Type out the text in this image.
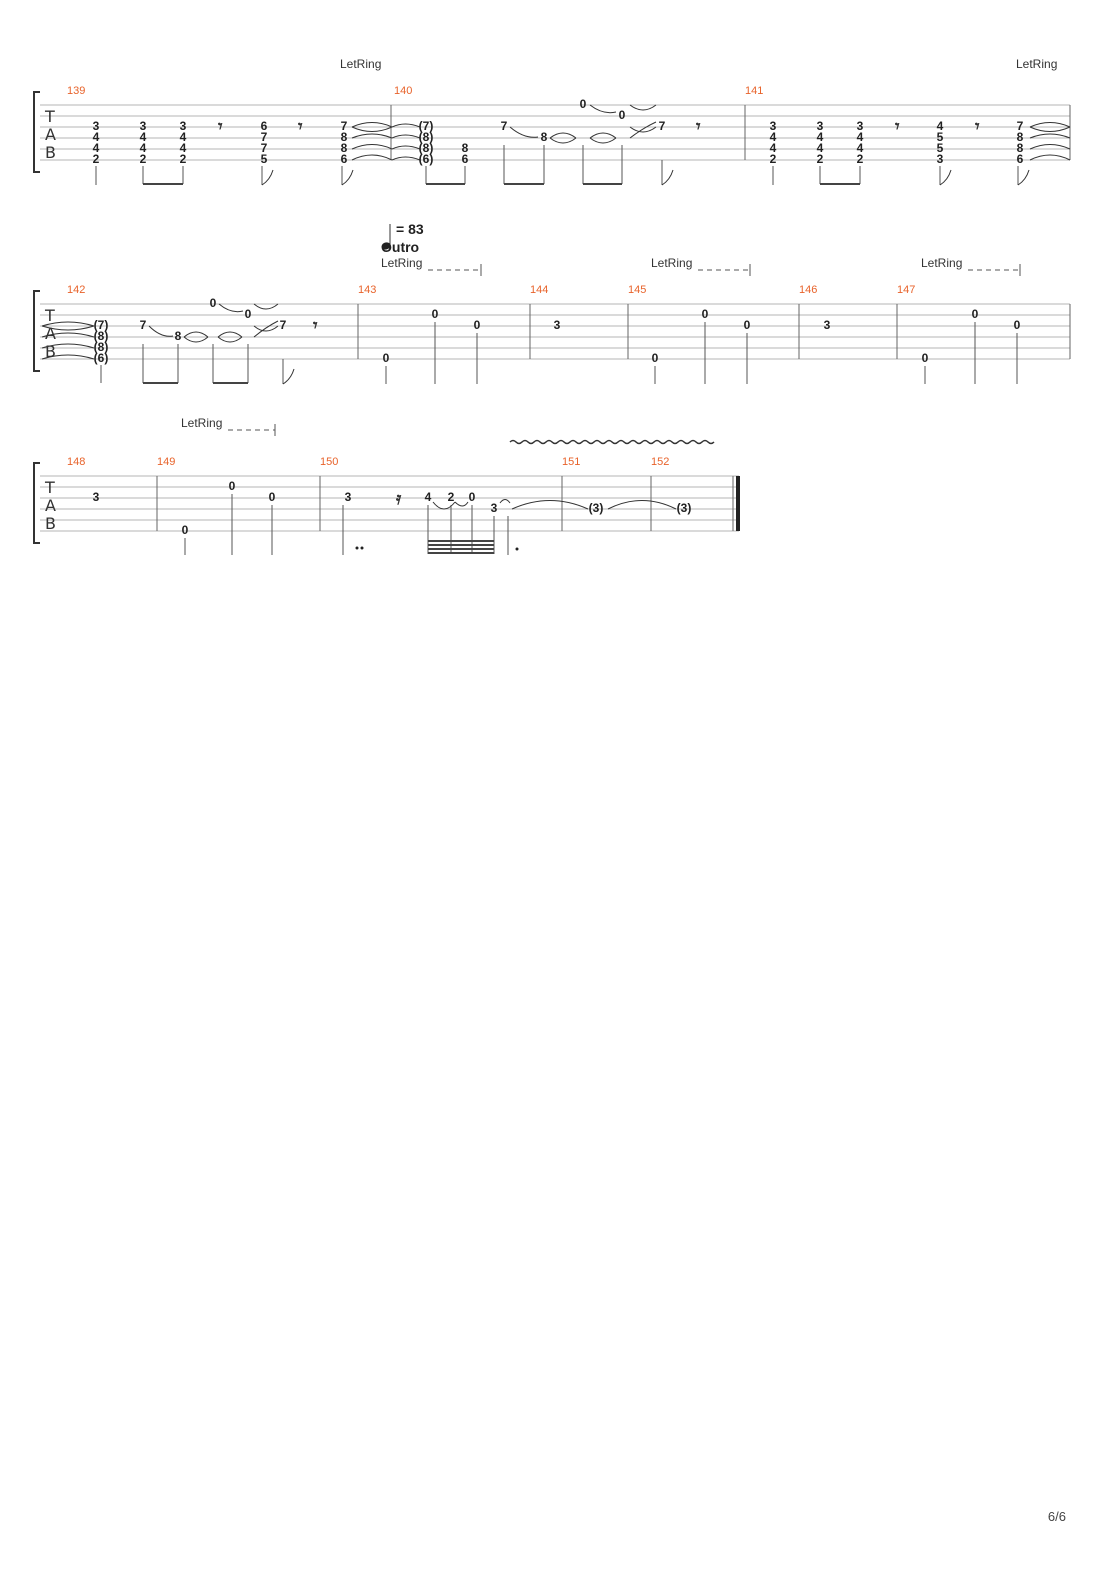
T
A
B
139	140	141
LetRing	LetRing
3
4
4
2
3
4
4
2
3
4
4
2
𝄾	6
7
7
5
𝄾	7
8
8
6
(7)
(8)
(8)
(6)
8
6
7
8
0
0
7 𝄾	3
4
4
2
3
4
4
2
3
4
4
2
𝄾	4
5
5
3
𝄾	7
8
8
6
T
A
B
142	143	144	145	146	147
= 83
Outro
LetRing	LetRing	LetRing
(7)
(8)
(8)
(6)
7
8
0
0
7 𝄾
0
0
0	3
0
0
0	3
0
0
0
T
A
B
148	149	150	151	152
LetRing
3
0
0
0	3	𝄿 4 2 0
3	(3)	(3)
6/6
